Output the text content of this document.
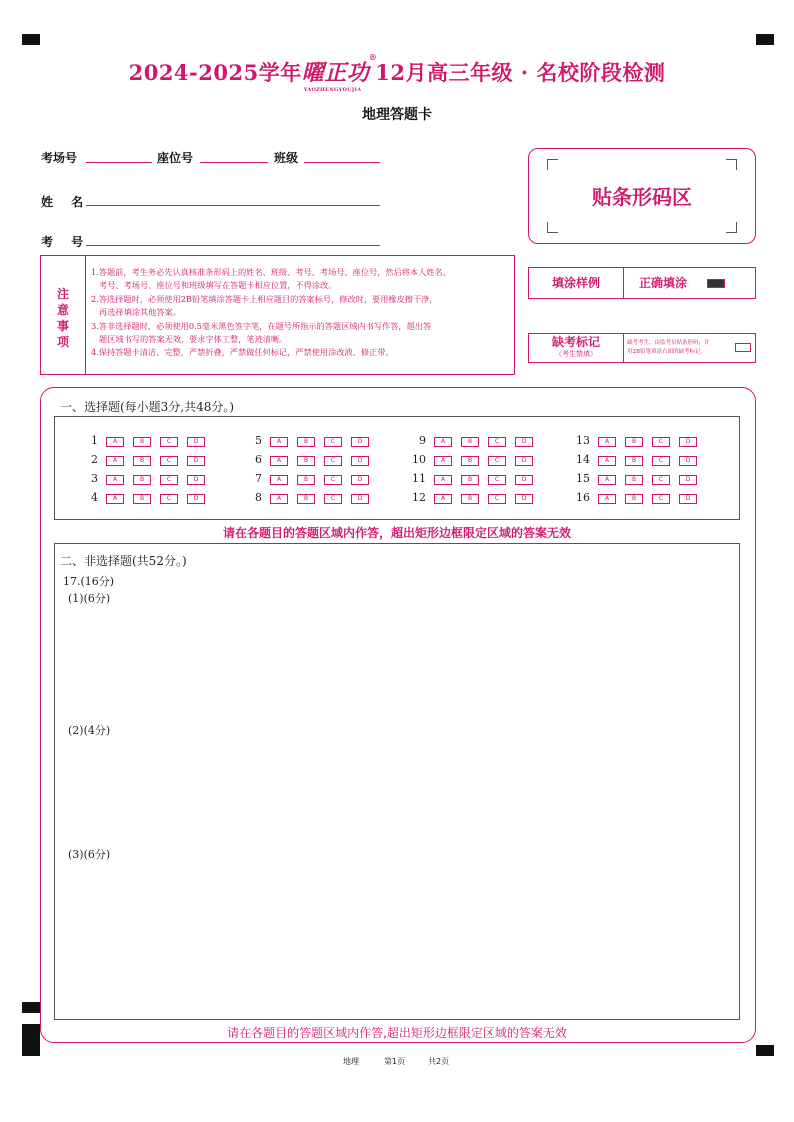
2024-2025学年曜正功
YAOZHENGYOUJIA
®
12月高三年级 · 名校阶段检测
地理答题卡
考场号	座位号	班级
姓 名
考 号
贴条形码区
注
意
事
项
1.答题前，考生务必先认真核准条形码上的姓名、班级、考号、考场号、座位号，然后将本人姓名、
考号、考场号、座位号和班级填写在答题卡相应位置，不得涂改。
2.答选择题时，必须使用2B铅笔填涂答题卡上相应题目的答案标号，修改时，要用橡皮擦干净，
再选择填涂其他答案。
3.答非选择题时，必须使用0.5毫米黑色签字笔，在题号所指示的答题区域内书写作答，超出答
题区域书写的答案无效，要求字体工整，笔迹清晰。
4.保持答题卡清洁、完整，严禁折叠，严禁做任何标记，严禁使用涂改液、修正带。
填涂样例	正确填涂
缺考标记
（考生禁填）
缺考考生，由监考员贴条形码，并
用2B铅笔填涂右面的缺考标记。
一、选择题(每小题3分,共48分。)
1	A	B	C	D
2	A	B	C	D
3	A	B	C	D
4	A	B	C	D
5	A	B	C	D
6	A	B	C	D
7	A	B	C	D
8	A	B	C	D
9	A	B	C	D
10	A	B	C	D
11	A	B	C	D
12	A	B	C	D
13	A	B	C	D
14	A	B	C	D
15	A	B	C	D
16	A	B	C	D
请在各题目的答题区域内作答，超出矩形边框限定区域的答案无效
二、非选择题(共52分。)
17.(16分)
(1)(6分)
(2)(4分)
(3)(6分)
请在各题目的答题区域内作答,超出矩形边框限定区域的答案无效
地理	第1页	共2页
